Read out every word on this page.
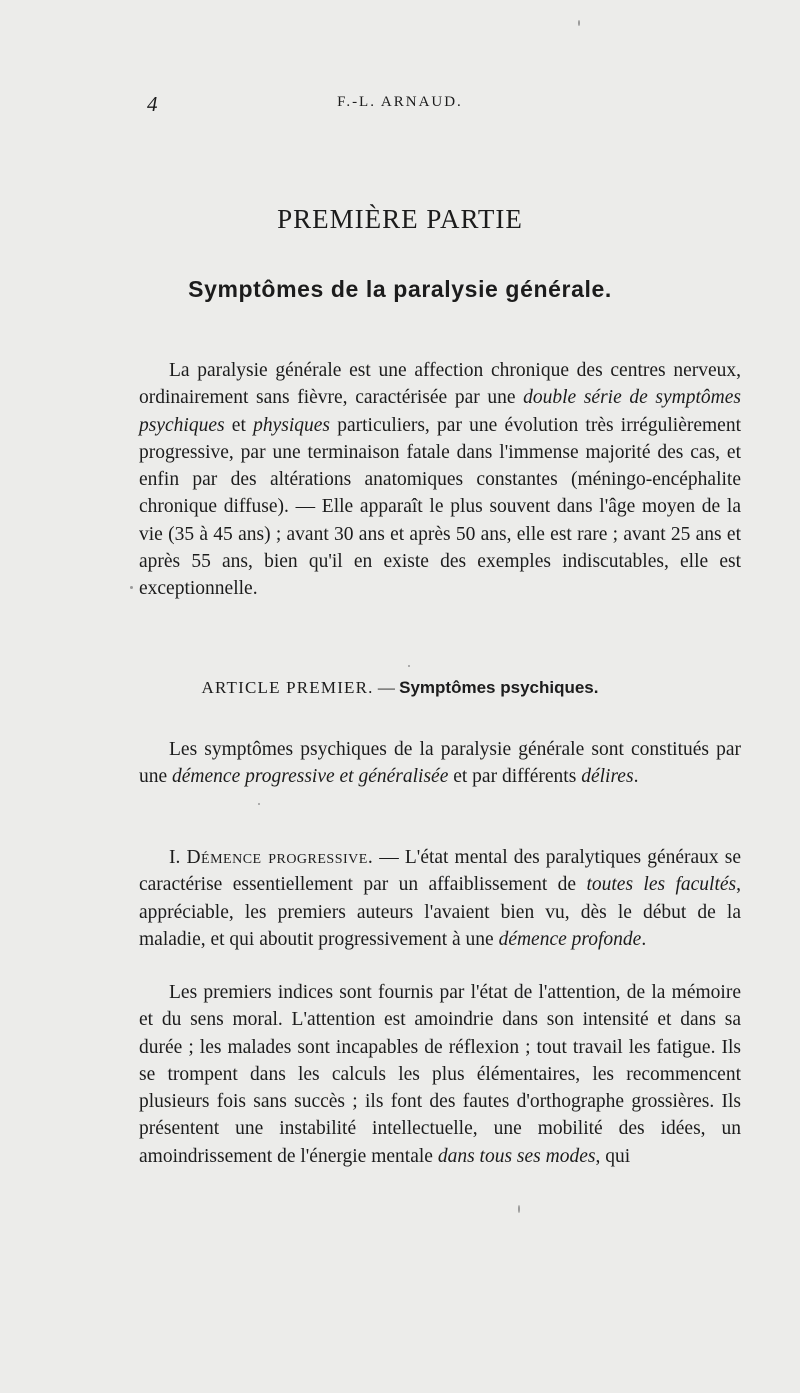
4	F.-L. ARNAUD.
PREMIÈRE PARTIE
Symptômes de la paralysie générale.

La paralysie générale est une affection chronique des centres nerveux, ordinairement sans fièvre, caractérisée par une double série de symptômes psychiques et physiques particuliers, par une évolution très irrégulièrement progressive, par une terminaison fatale dans l'immense majorité des cas, et enfin par des altérations anatomiques constantes (méningo-encéphalite chronique diffuse). — Elle apparaît le plus souvent dans l'âge moyen de la vie (35 à 45 ans) ; avant 30 ans et après 50 ans, elle est rare ; avant 25 ans et après 55 ans, bien qu'il en existe des exemples indiscutables, elle est exceptionnelle.

ARTICLE PREMIER. — Symptômes psychiques.

Les symptômes psychiques de la paralysie générale sont constitués par une démence progressive et généralisée et par différents délires.

I. Démence progressive. — L'état mental des paralytiques généraux se caractérise essentiellement par un affaiblissement de toutes les facultés, appréciable, les premiers auteurs l'avaient bien vu, dès le début de la maladie, et qui aboutit progressivement à une démence profonde.

Les premiers indices sont fournis par l'état de l'attention, de la mémoire et du sens moral. L'attention est amoindrie dans son intensité et dans sa durée ; les malades sont incapables de réflexion ; tout travail les fatigue. Ils se trompent dans les calculs les plus élémentaires, les recommencent plusieurs fois sans succès ; ils font des fautes d'orthographe grossières. Ils présentent une instabilité intellectuelle, une mobilité des idées, un amoindrissement de l'énergie mentale dans tous ses modes, qui
